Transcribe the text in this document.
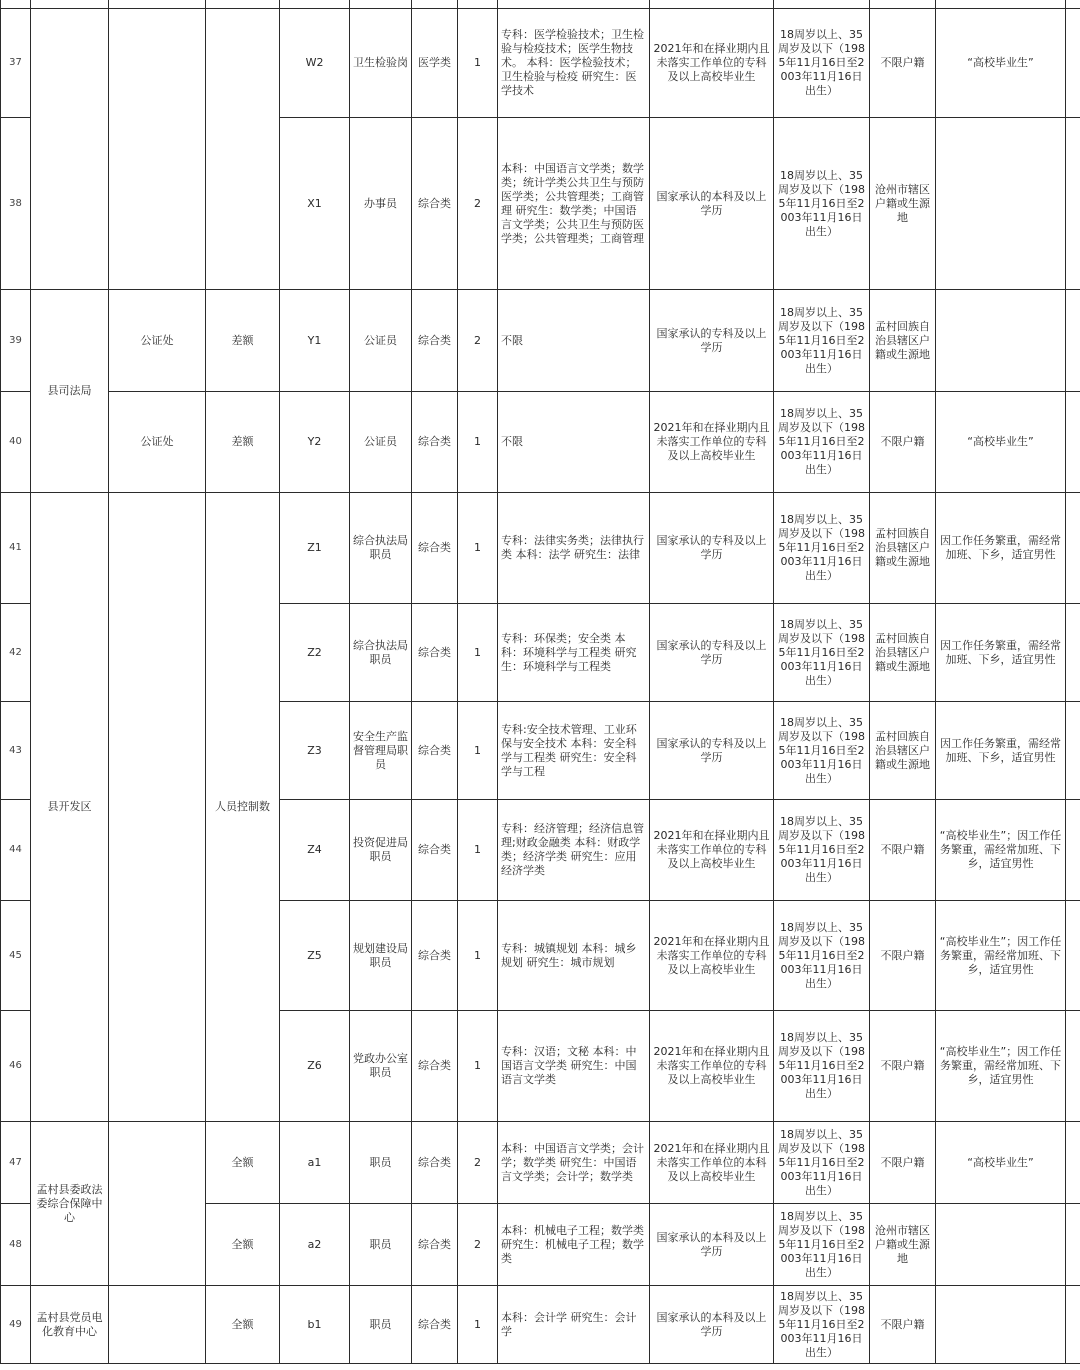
37				W2	卫生检验岗	医学类	1	专科：医学检验技术；卫生检验与检疫技术；医学生物技术。 本科：医学检验技术；卫生检验与检疫 研究生：医学技术	2021年和在择业期内且未落实工作单位的专科及以上高校毕业生	18周岁以上、35周岁及以下（1985年11月16日至2003年11月16日出生）	不限户籍	“高校毕业生”	
38				X1	办事员	综合类	2	本科：中国语言文学类；数学类；统计学类公共卫生与预防医学类；公共管理类；工商管理 研究生：数学类；中国语言文学类；公共卫生与预防医学类；公共管理类；工商管理	国家承认的本科及以上学历	18周岁以上、35周岁及以下（1985年11月16日至2003年11月16日出生）	沧州市辖区户籍或生源地		
39	县司法局	公证处	差额	Y1	公证员	综合类	2	不限	国家承认的专科及以上学历	18周岁以上、35周岁及以下（1985年11月16日至2003年11月16日出生）	孟村回族自治县辖区户籍或生源地		
40		公证处	差额	Y2	公证员	综合类	1	不限	2021年和在择业期内且未落实工作单位的专科及以上高校毕业生	18周岁以上、35周岁及以下（1985年11月16日至2003年11月16日出生）	不限户籍	“高校毕业生”	
41	县开发区		人员控制数	Z1	综合执法局职员	综合类	1	专科：法律实务类；法律执行类 本科：法学 研究生：法律	国家承认的专科及以上学历	18周岁以上、35周岁及以下（1985年11月16日至2003年11月16日出生）	孟村回族自治县辖区户籍或生源地	因工作任务繁重，需经常加班、下乡，适宜男性	
42				Z2	综合执法局职员	综合类	1	专科：环保类；安全类 本科：环境科学与工程类 研究生：环境科学与工程类	国家承认的专科及以上学历	18周岁以上、35周岁及以下（1985年11月16日至2003年11月16日出生）	孟村回族自治县辖区户籍或生源地	因工作任务繁重，需经常加班、下乡，适宜男性	
43				Z3	安全生产监督管理局职员	综合类	1	专科:安全技术管理、工业环保与安全技术 本科：安全科学与工程类 研究生：安全科学与工程	国家承认的专科及以上学历	18周岁以上、35周岁及以下（1985年11月16日至2003年11月16日出生）	孟村回族自治县辖区户籍或生源地	因工作任务繁重，需经常加班、下乡，适宜男性	
44				Z4	投资促进局职员	综合类	1	专科：经济管理；经济信息管理;财政金融类 本科：财政学类；经济学类 研究生：应用经济学类	2021年和在择业期内且未落实工作单位的专科及以上高校毕业生	18周岁以上、35周岁及以下（1985年11月16日至2003年11月16日出生）	不限户籍	“高校毕业生”；因工作任务繁重，需经常加班、下乡，适宜男性	
45				Z5	规划建设局职员	综合类	1	专科：城镇规划 本科：城乡规划 研究生：城市规划	2021年和在择业期内且未落实工作单位的专科及以上高校毕业生	18周岁以上、35周岁及以下（1985年11月16日至2003年11月16日出生）	不限户籍	“高校毕业生”；因工作任务繁重，需经常加班、下乡，适宜男性	
46				Z6	党政办公室职员	综合类	1	专科：汉语；文秘 本科：中国语言文学类 研究生：中国语言文学类	2021年和在择业期内且未落实工作单位的专科及以上高校毕业生	18周岁以上、35周岁及以下（1985年11月16日至2003年11月16日出生）	不限户籍	“高校毕业生”；因工作任务繁重，需经常加班、下乡，适宜男性	
47	孟村县委政法委综合保障中心		全额	a1	职员	综合类	2	本科：中国语言文学类；会计学；数学类 研究生：中国语言文学类；会计学；数学类	2021年和在择业期内且未落实工作单位的本科及以上高校毕业生	18周岁以上、35周岁及以下（1985年11月16日至2003年11月16日出生）	不限户籍	“高校毕业生”	
48			全额	a2	职员	综合类	2	本科：机械电子工程；数学类 研究生：机械电子工程；数学类	国家承认的本科及以上学历	18周岁以上、35周岁及以下（1985年11月16日至2003年11月16日出生）	沧州市辖区户籍或生源地		
49	孟村县党员电化教育中心		全额	b1	职员	综合类	1	本科：会计学 研究生：会计学	国家承认的本科及以上学历	18周岁以上、35周岁及以下（1985年11月16日至2003年11月16日出生）	不限户籍		
